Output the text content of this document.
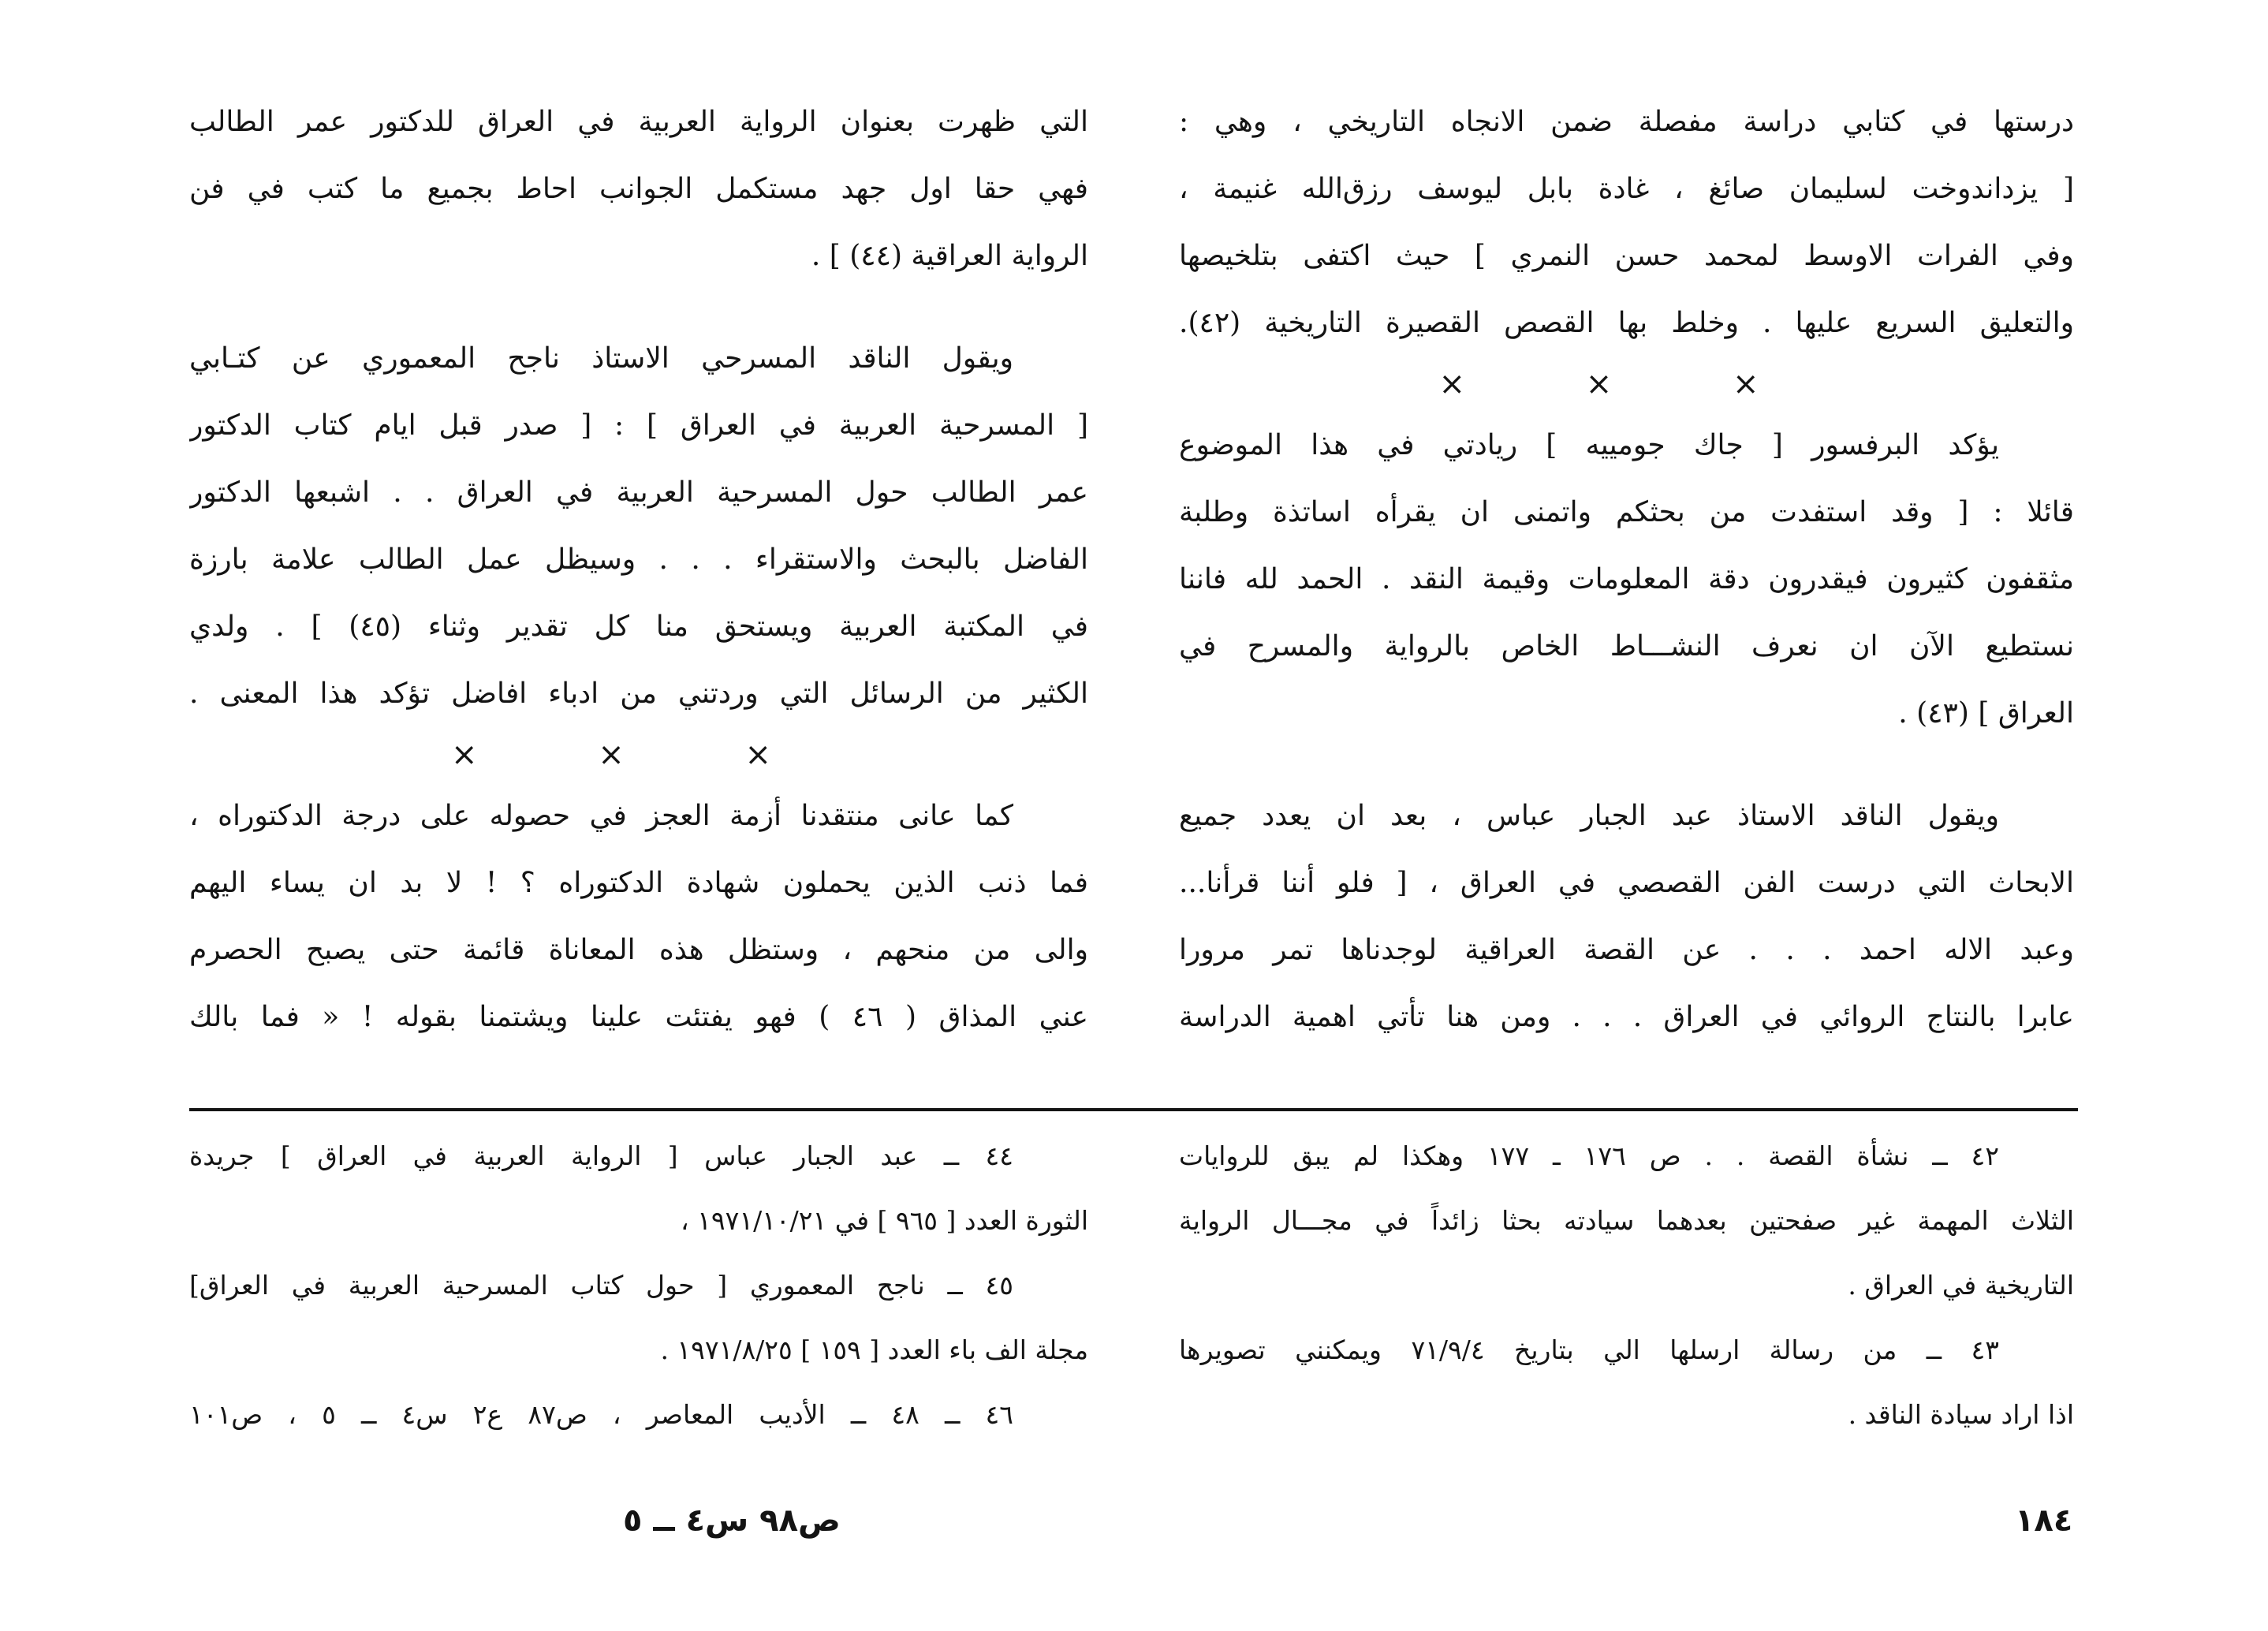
درستها في كتابي دراسة مفصلة ضمن الانجاه التاريخي ، وهي :
[ يزداندوخت لسليمان صائغ ، غادة بابل ليوسف رزق‌الله غنيمة ،
وفي الفرات الاوسط لمحمد حسن النمري ] حيث اكتفى بتلخيصها
والتعليق السريع عليها . وخلط بها القصص القصيرة التاريخية (٤٢).
× × ×
يؤكد البرفسور [ جاك جومييه ] ريادتي في هذا الموضوع
قائلا : [ وقد استفدت من بحثكم واتمنى ان يقرأه اساتذة وطلبة
مثقفون كثيرون فيقدرون دقة المعلومات وقيمة النقد . الحمد لله فاننا
نستطيع الآن ان نعرف النشـــاط الخاص بالرواية والمسرح في
العراق ] (٤٣) .
ويقول الناقد الاستاذ عبد الجبار عباس ، بعد ان يعدد جميع
الابحاث التي درست الفن القصصي في العراق ، [ فلو أننا قرأنا...
وعبد الاله احمد . . . عن القصة العراقية لوجدناها تمر مرورا
عابرا بالنتاج الروائي في العراق . . . ومن هنا تأتي اهمية الدراسة
التي ظهرت بعنوان الرواية العربية في العراق للدكتور عمر الطالب
فهي حقا اول جهد مستكمل الجوانب احاط بجميع ما كتب في فن
الرواية العراقية (٤٤) ] .
ويقول الناقد المسرحي الاستاذ ناجح المعموري عن كتـابي
[ المسرحية العربية في العراق ] : [ صدر قبل ايام كتاب الدكتور
عمر الطالب حول المسرحية العربية في العراق . . اشبعها الدكتور
الفاضل بالبحث والاستقراء . . . وسيظل عمل الطالب علامة بارزة
في المكتبة العربية ويستحق منا كل تقدير وثناء (٤٥) ] . ولدي
الكثير من الرسائل التي وردتني من ادباء افاضل تؤكد هذا المعنى .
× × ×
كما عانى منتقدنا أزمة العجز في حصوله على درجة الدكتوراه ،
فما ذنب الذين يحملون شهادة الدكتوراه ؟ ! لا بد ان يساء اليهم
والى من منحهم ، وستظل هذه المعاناة قائمة حتى يصبح الحصرم
عني المذاق ( ٤٦ ) فهو يفتئت علينا ويشتمنا بقوله ! « فما بالك
٤٢ ــ نشأة القصة . . ص ١٧٦ ـ ١٧٧ وهكذا لم يبق للروايات
الثلاث المهمة غير صفحتين بعدهما سيادته بحثا زائداً في مجـــال الرواية
التاريخية في العراق .
٤٣ ــ من رسالة ارسلها الي بتاريخ ٧١/٩/٤ ويمكنني تصويرها
اذا اراد سيادة الناقد .
٤٤ ــ عبد الجبار عباس [ الرواية العربية في العراق ] جريدة
الثورة العدد [ ٩٦٥ ] في ١٩٧١/١٠/٢١ ،
٤٥ ــ ناجح المعموري [ حول كتاب المسرحية العربية في العراق]
مجلة الف باء العدد [ ١٥٩ ] ١٩٧١/٨/٢٥ .
٤٦ ــ ٤٨ ــ الأديب المعاصر ، ص٨٧ ع٢ س٤ ــ ٥ ، ص١٠١
ص٩٨ س٤ ــ ٥	١٨٤
